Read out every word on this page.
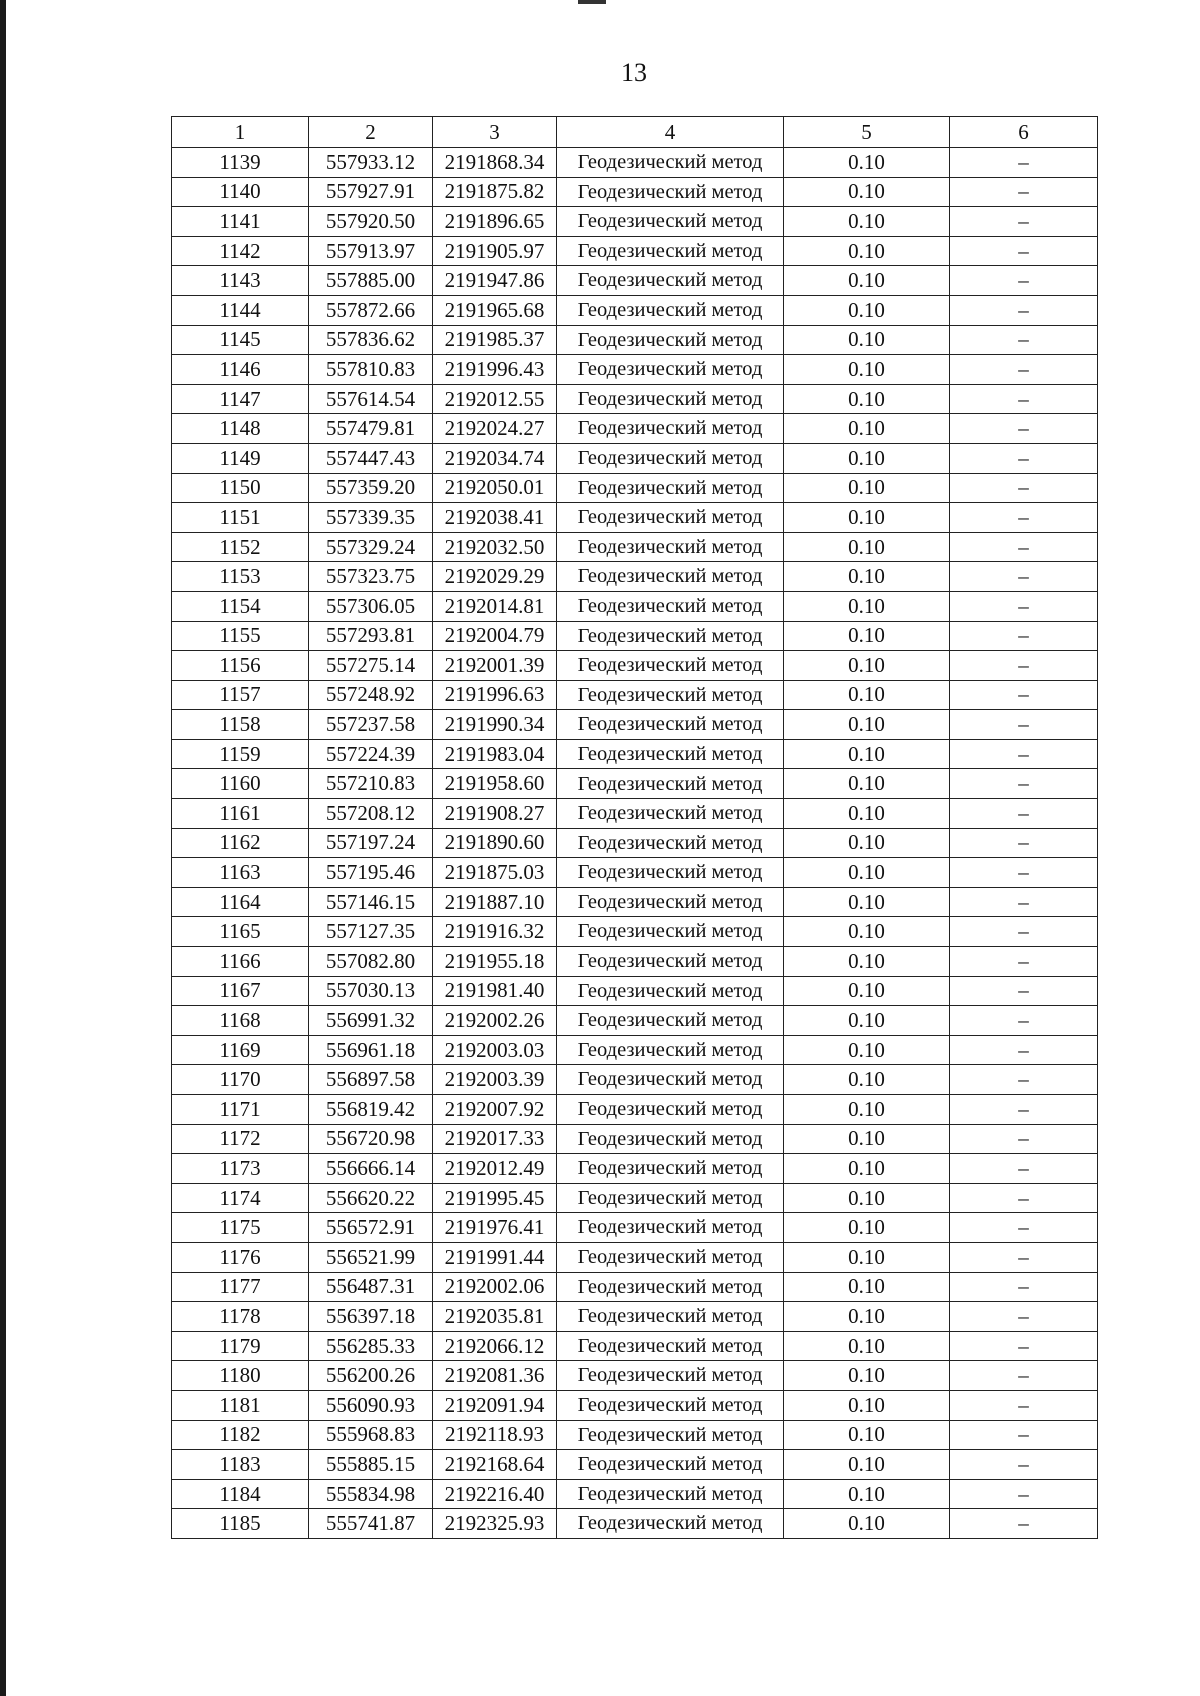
13
1	2	3	4	5	6
1139	557933.12	2191868.34	Геодезический метод	0.10	–
1140	557927.91	2191875.82	Геодезический метод	0.10	–
1141	557920.50	2191896.65	Геодезический метод	0.10	–
1142	557913.97	2191905.97	Геодезический метод	0.10	–
1143	557885.00	2191947.86	Геодезический метод	0.10	–
1144	557872.66	2191965.68	Геодезический метод	0.10	–
1145	557836.62	2191985.37	Геодезический метод	0.10	–
1146	557810.83	2191996.43	Геодезический метод	0.10	–
1147	557614.54	2192012.55	Геодезический метод	0.10	–
1148	557479.81	2192024.27	Геодезический метод	0.10	–
1149	557447.43	2192034.74	Геодезический метод	0.10	–
1150	557359.20	2192050.01	Геодезический метод	0.10	–
1151	557339.35	2192038.41	Геодезический метод	0.10	–
1152	557329.24	2192032.50	Геодезический метод	0.10	–
1153	557323.75	2192029.29	Геодезический метод	0.10	–
1154	557306.05	2192014.81	Геодезический метод	0.10	–
1155	557293.81	2192004.79	Геодезический метод	0.10	–
1156	557275.14	2192001.39	Геодезический метод	0.10	–
1157	557248.92	2191996.63	Геодезический метод	0.10	–
1158	557237.58	2191990.34	Геодезический метод	0.10	–
1159	557224.39	2191983.04	Геодезический метод	0.10	–
1160	557210.83	2191958.60	Геодезический метод	0.10	–
1161	557208.12	2191908.27	Геодезический метод	0.10	–
1162	557197.24	2191890.60	Геодезический метод	0.10	–
1163	557195.46	2191875.03	Геодезический метод	0.10	–
1164	557146.15	2191887.10	Геодезический метод	0.10	–
1165	557127.35	2191916.32	Геодезический метод	0.10	–
1166	557082.80	2191955.18	Геодезический метод	0.10	–
1167	557030.13	2191981.40	Геодезический метод	0.10	–
1168	556991.32	2192002.26	Геодезический метод	0.10	–
1169	556961.18	2192003.03	Геодезический метод	0.10	–
1170	556897.58	2192003.39	Геодезический метод	0.10	–
1171	556819.42	2192007.92	Геодезический метод	0.10	–
1172	556720.98	2192017.33	Геодезический метод	0.10	–
1173	556666.14	2192012.49	Геодезический метод	0.10	–
1174	556620.22	2191995.45	Геодезический метод	0.10	–
1175	556572.91	2191976.41	Геодезический метод	0.10	–
1176	556521.99	2191991.44	Геодезический метод	0.10	–
1177	556487.31	2192002.06	Геодезический метод	0.10	–
1178	556397.18	2192035.81	Геодезический метод	0.10	–
1179	556285.33	2192066.12	Геодезический метод	0.10	–
1180	556200.26	2192081.36	Геодезический метод	0.10	–
1181	556090.93	2192091.94	Геодезический метод	0.10	–
1182	555968.83	2192118.93	Геодезический метод	0.10	–
1183	555885.15	2192168.64	Геодезический метод	0.10	–
1184	555834.98	2192216.40	Геодезический метод	0.10	–
1185	555741.87	2192325.93	Геодезический метод	0.10	–
